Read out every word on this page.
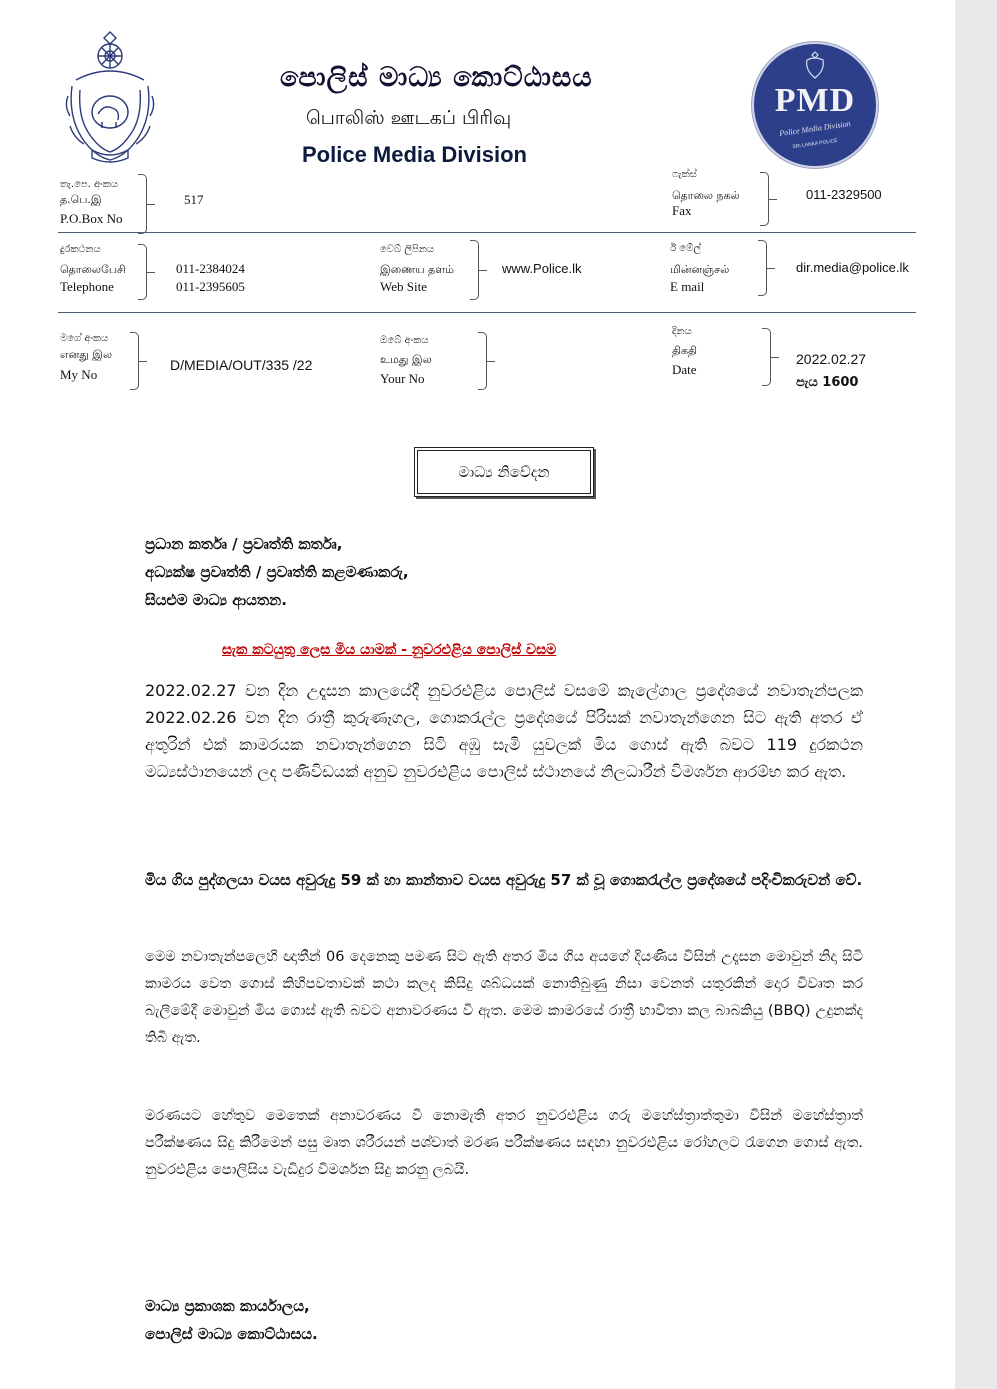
පොලිස් මාධ්‍ය කොට්ඨාසය
பொலிஸ் ஊடகப் பிரிவு
Police Media Division
PMD
Police Media Division
SRI LANKA POLICE
තැ.පෙ. අංකය
த.பெ.இ
P.O.Box No
517
ෆැක්ස්
தொலை நகல்
Fax
011-2329500
දුරකථනය
தொலைபேசி
Telephone
011-2384024
011-2395605
වෙබ් ලිපිනය
இணைய தளம்
Web Site
www.Police.lk
ඊ මේල්
மின்னஞ்சல்
E mail
dir.media@police.lk
මගේ අංකය
எனது இல
My No
D/MEDIA/OUT/335 /22
ඔබේ අංකය
உமது இல
Your No
දිනය
திகதி
Date
2022.02.27
පැය 1600
මාධ්‍ය නිවේදන
ප්‍රධාන කර්තෘ / ප්‍රවෘත්ති කර්තෘ,
අධ්‍යක්ෂ ප්‍රවෘත්ති / ප්‍රවෘත්ති කළමණාකරු,
සියළුම මාධ්‍ය ආයතන.
සැක කටයුතු ලෙස මිය යාමක් - නුවරඑළිය පොලිස් වසම
2022.02.27 වන දින උදෑසන කාලයේදී නුවරඑළිය පොලිස් වසමේ කැලේගාල ප්‍රදේශයේ නවාතැන්පලක 2022.02.26 වන දින රාත්‍රී කුරුණෑගල, ගොකරැල්ල ප්‍රදේශයේ පිරිසක් නවාතැන්ගෙන සිට ඇති අතර ඒ අතුරින් එක් කාමරයක නවාතැන්ගෙන සිටි අඹු සැමි යුවලක් මිය ගොස් ඇති බවට 119 දුරකථන මධ්‍යස්ථානයෙන් ලද පණිවිඩයක් අනුව නුවරඑළිය පොලිස් ස්ථානයේ නිලධාරීන් විමර්ශන ආරම්භ කර ඇත.
මිය ගිය පුද්ගලයා වයස අවුරුදු 59 ක් හා කාන්තාව වයස අවුරුදු 57 ක් වූ ගොකරැල්ල ප්‍රදේශයේ පදිංචිකරුවන් වේ.
මෙම නවාතැන්පලෙහි ඥාතීන් 06 දෙනෙකු පමණ සිට ඇති අතර මිය ගිය අයගේ දියණිය විසින් උදෑසන මොවුන් නිදා සිටි කාමරය වෙත ගොස් කිහිපවතාවක් කථා කලද කිසිදු ශබ්ධයක් නොතිබුණු නිසා වෙනත් යතුරකින් දොර විවෘත කර බැලීමේදී මොවුන් මිය ගොස් ඇති බවට අනාවරණය වී ඇත. මෙම කාමරයේ රාත්‍රී භාවිතා කල බාබකියු (BBQ) උදුනක්ද තිබී ඇත.
මරණයට හේතුව මෙතෙක් අනාවරණය වී නොමැති අතර නුවරඑළිය ගරු මහේස්ත්‍රාත්තුමා විසින් මහේස්ත්‍රාත් පරීක්ෂණය සිදු කිරීමෙන් පසු මෘත ශරීරයන් පශ්චාත් මරණ පරීක්ෂණය සඳහා නුවරඑළිය රෝහලට රැගෙන ගොස් ඇත. නුවරඑළිය පොලිසිය වැඩිදුර විමර්ශන සිදු කරනු ලබයි.
මාධ්‍ය ප්‍රකාශක කාර්යාලය,
පොලිස් මාධ්‍ය කොට්ඨාසය.
